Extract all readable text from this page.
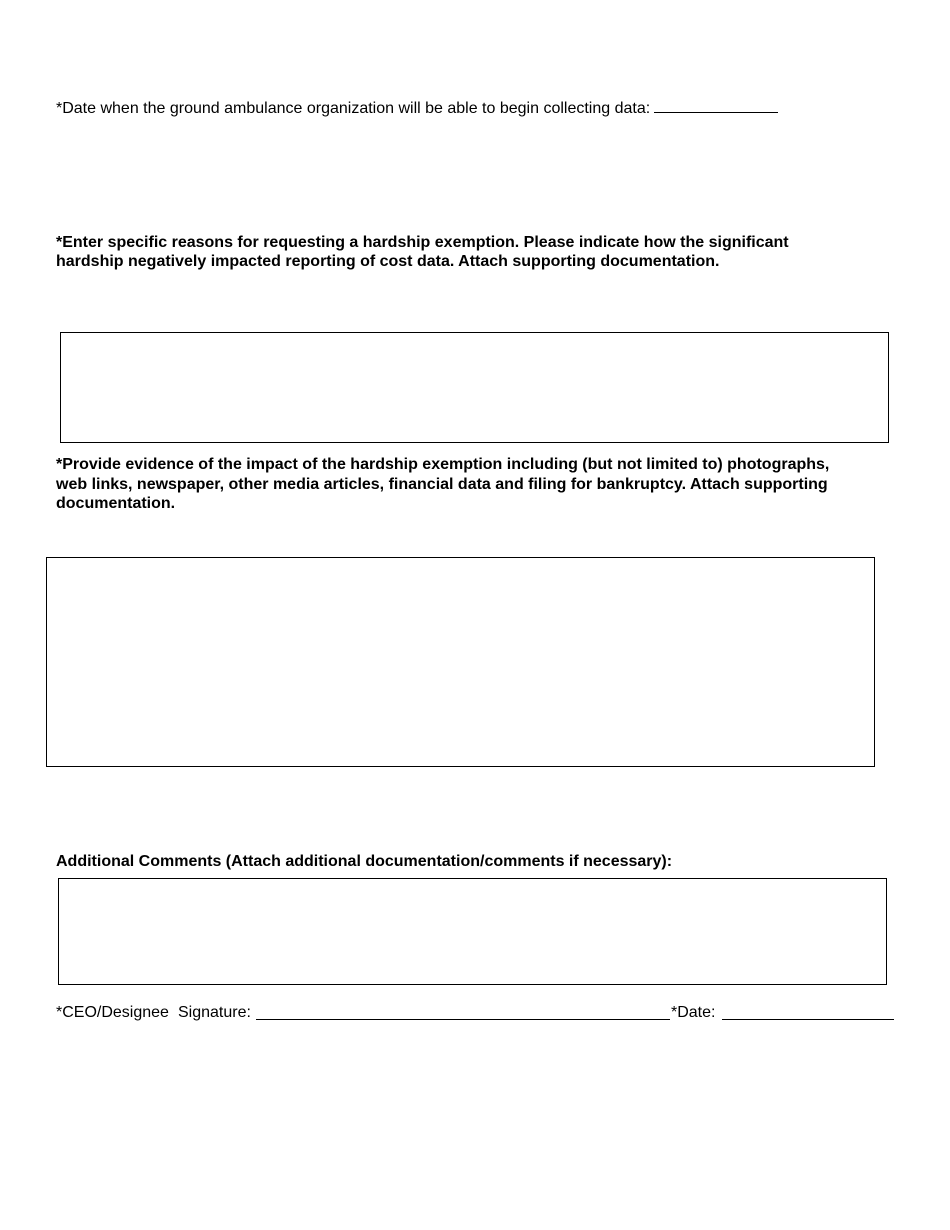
*Date when the ground ambulance organization will be able to begin collecting data:
*Enter specific reasons for requesting a hardship exemption. Please indicate how the significant
hardship negatively impacted reporting of cost data. Attach supporting documentation.
*Provide evidence of the impact of the hardship exemption including (but not limited to) photographs,
web links, newspaper, other media articles, financial data and filing for bankruptcy. Attach supporting
documentation.
Additional Comments (Attach additional documentation/comments if necessary):
*CEO/Designee Signature:	*Date:
